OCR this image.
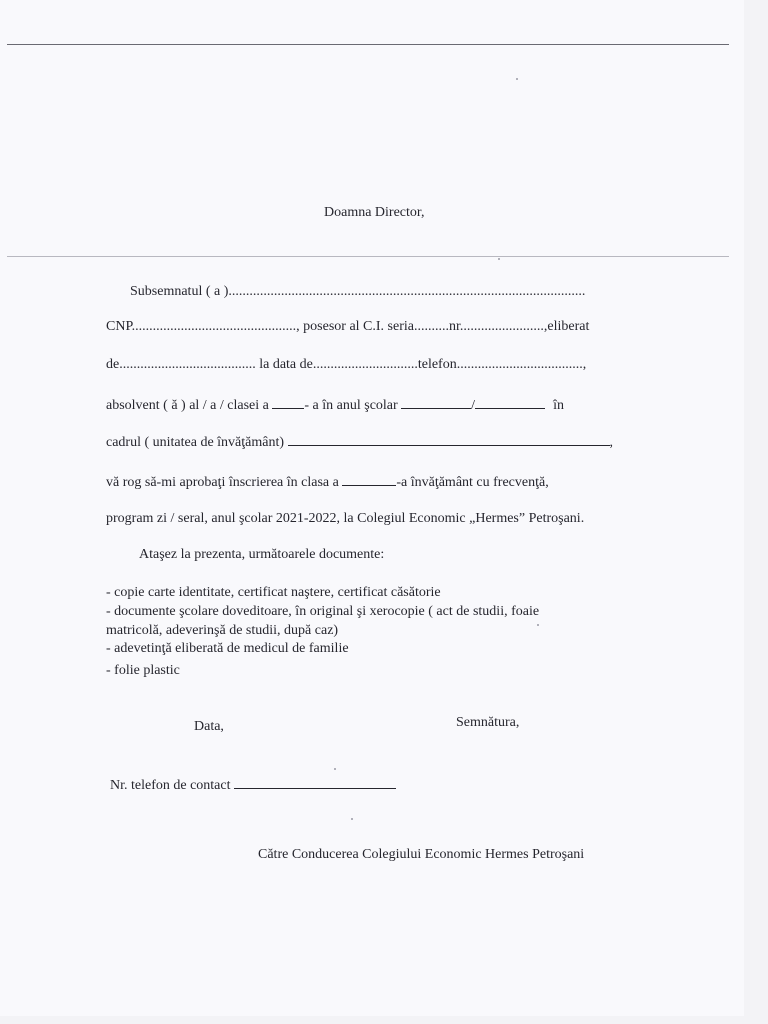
Doamna Director,
Subsemnatul ( a )......................................................................................................
CNP..............................................., posesor al C.I. seria..........nr........................,eliberat
de....................................... la data de..............................telefon....................................,
absolvent ( ă ) al / a / clasei a - a în anul şcolar	/	în
cadrul ( unitatea de învăţământ)	,
vă rog să-mi aprobaţi înscrierea în clasa a	-a învăţământ cu frecvenţă,
program zi / seral, anul şcolar 2021-2022, la Colegiul Economic „Hermes” Petroşani.
Ataşez la prezenta, următoarele documente:
- copie carte identitate, certificat naştere, certificat căsătorie
- documente şcolare doveditoare, în original şi xerocopie ( act de studii, foaie
matricolă, adeverinşă de studii, după caz)
- adevetinţă eliberată de medicul de familie
- folie plastic
Data,	Semnătura,
Nr. telefon de contact
Către Conducerea Colegiului Economic Hermes Petroşani
